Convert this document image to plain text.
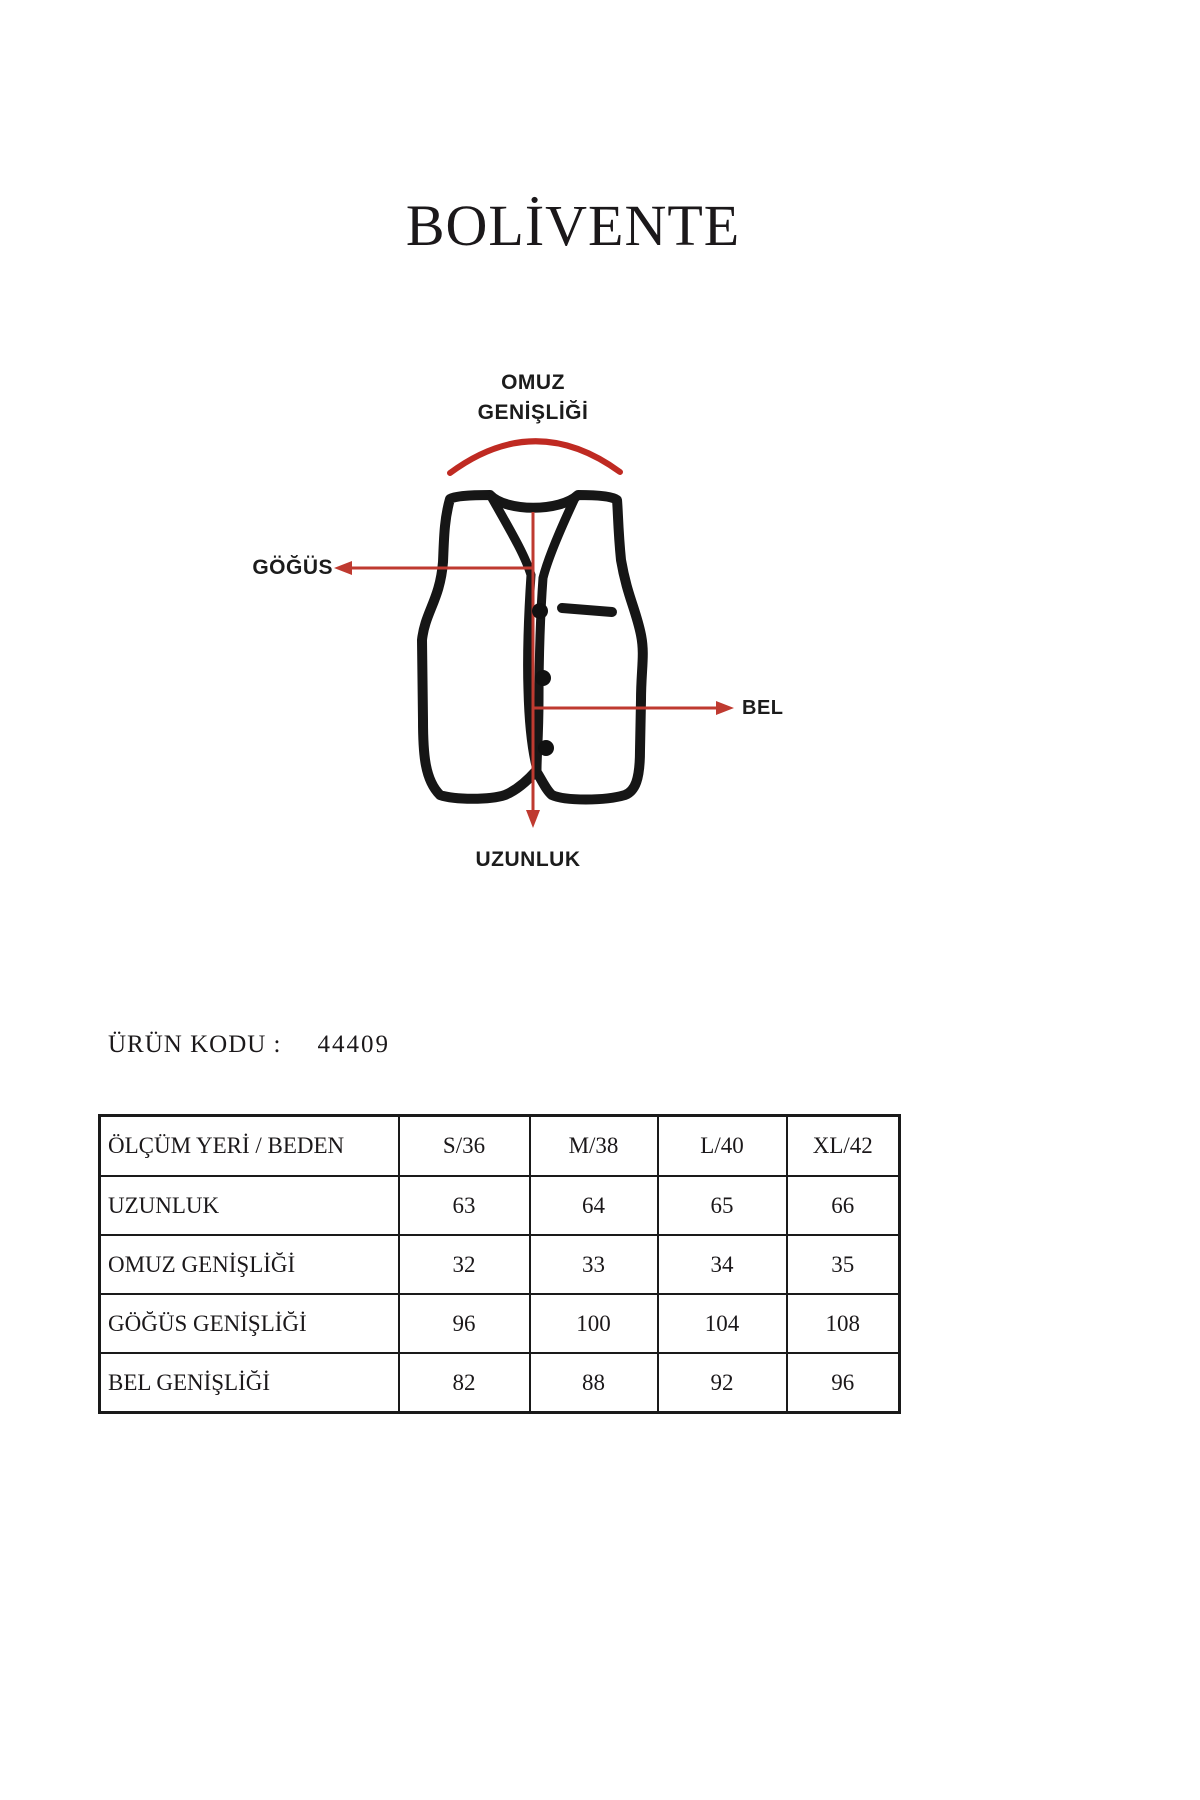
BOLİVENTE
OMUZ
GENİŞLİĞİ
GÖĞÜS
BEL
UZUNLUK
ÜRÜN KODU : 44409
ÖLÇÜM YERİ / BEDEN	S/36	M/38	L/40	XL/42
UZUNLUK	63	64	65	66
OMUZ GENİŞLİĞİ	32	33	34	35
GÖĞÜS GENİŞLİĞİ	96	100	104	108
BEL GENİŞLİĞİ	82	88	92	96
